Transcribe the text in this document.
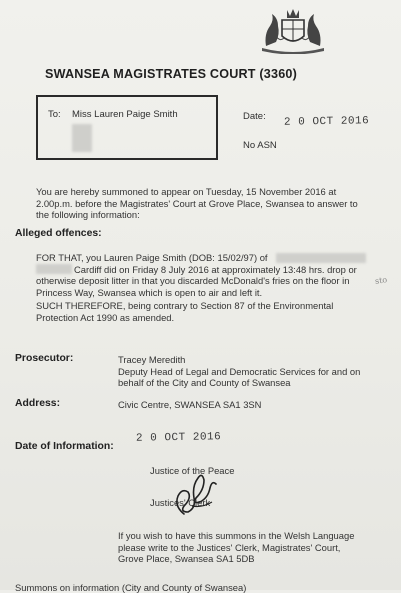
SWANSEA MAGISTRATES COURT (3360)
To: Miss Lauren Paige Smith	Date: 2 0 OCT 2016
No ASN
You are hereby summoned to appear on Tuesday, 15 November 2016 at
2.00p.m. before the Magistrates' Court at Grove Place, Swansea to answer to
the following information:
Alleged offences:
FOR THAT, you Lauren Paige Smith (DOB: 15/02/97) of
Cardiff did on Friday 8 July 2016 at approximately 13:48 hrs. drop or
otherwise deposit litter in that you discarded McDonald's fries on the floor in
Princess Way, Swansea which is open to air and left it.
sto
SUCH THEREFORE, being contrary to Section 87 of the Environmental
Protection Act 1990 as amended.
Prosecutor:	Tracey Meredith
Deputy Head of Legal and Democratic Services for and on
behalf of the City and County of Swansea
Address:	Civic Centre, SWANSEA SA1 3SN
Date of Information:
2 0 OCT 2016
Justice of the Peace
Justices' Clerk
If you wish to have this summons in the Welsh Language
please write to the Justices' Clerk, Magistrates' Court,
Grove Place, Swansea SA1 5DB
Summons on information (City and County of Swansea)
